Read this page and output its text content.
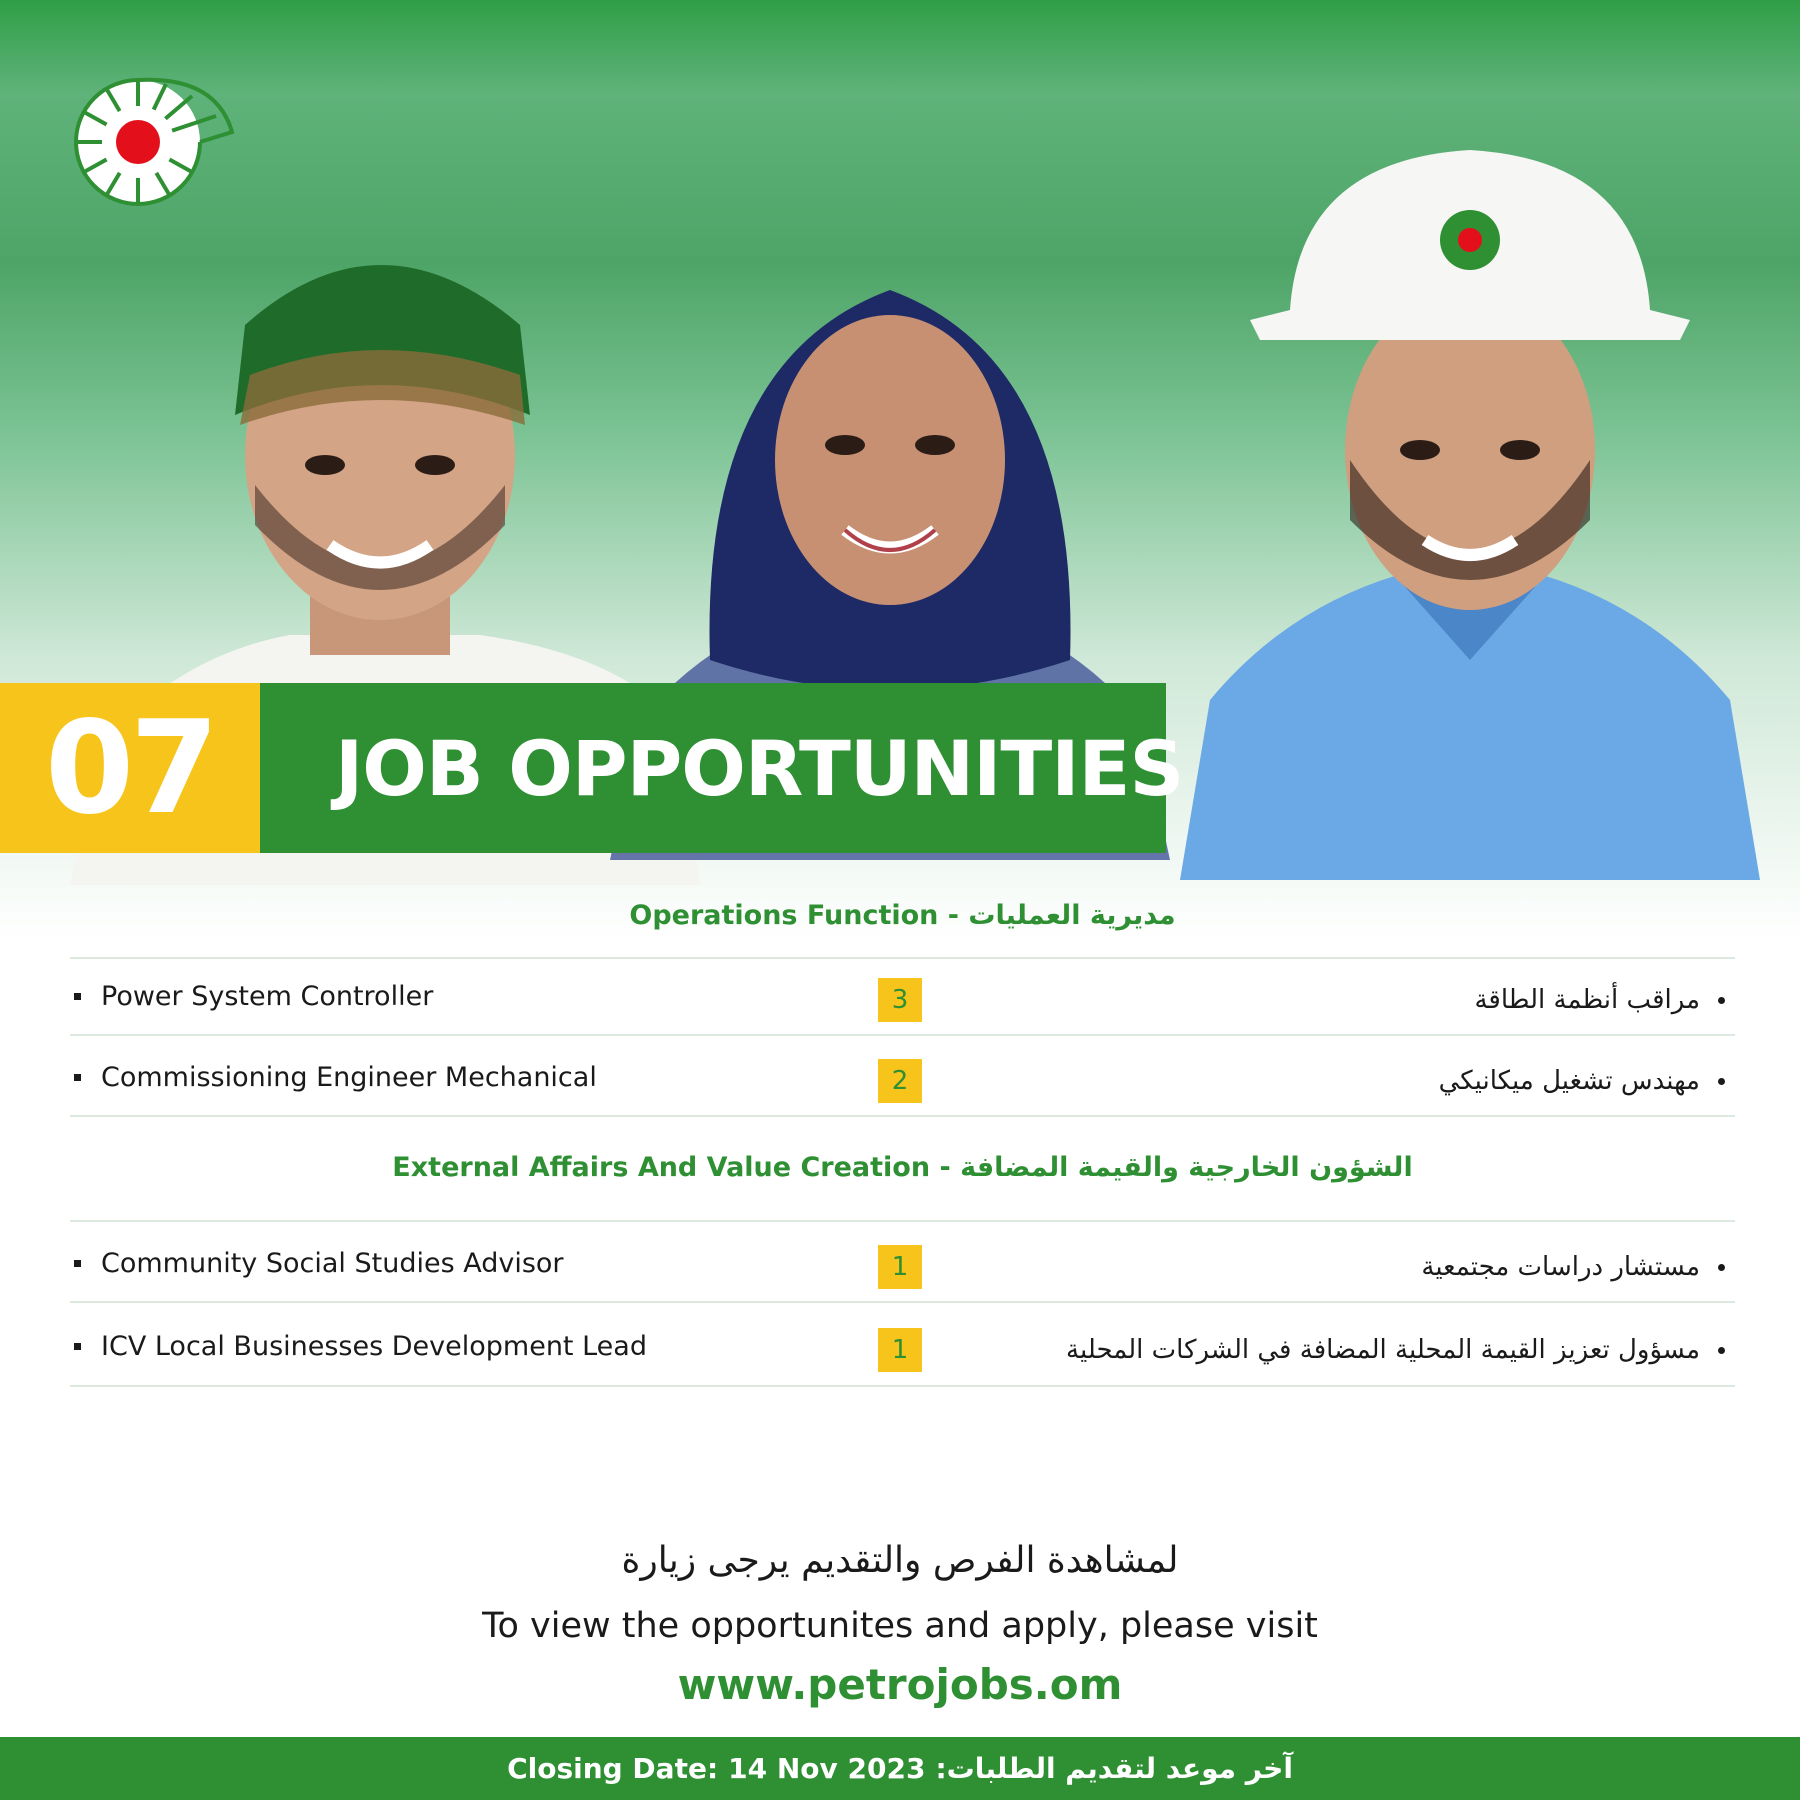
07 JOB OPPORTUNITIES
Operations Function - مديرية العمليات
Power System Controller	3	مراقب أنظمة الطاقة
Commissioning Engineer Mechanical	2	مهندس تشغيل ميكانيكي
External Affairs And Value Creation - الشؤون الخارجية والقيمة المضافة
Community Social Studies Advisor	1	مستشار دراسات مجتمعية
ICV Local Businesses Development Lead	1	مسؤول تعزيز القيمة المحلية المضافة في الشركات المحلية
لمشاهدة الفرص والتقديم يرجى زيارة
To view the opportunites and apply, please visit
www.petrojobs.om
Closing Date: 14 Nov 2023 آخر موعد لتقديم الطلبات:
